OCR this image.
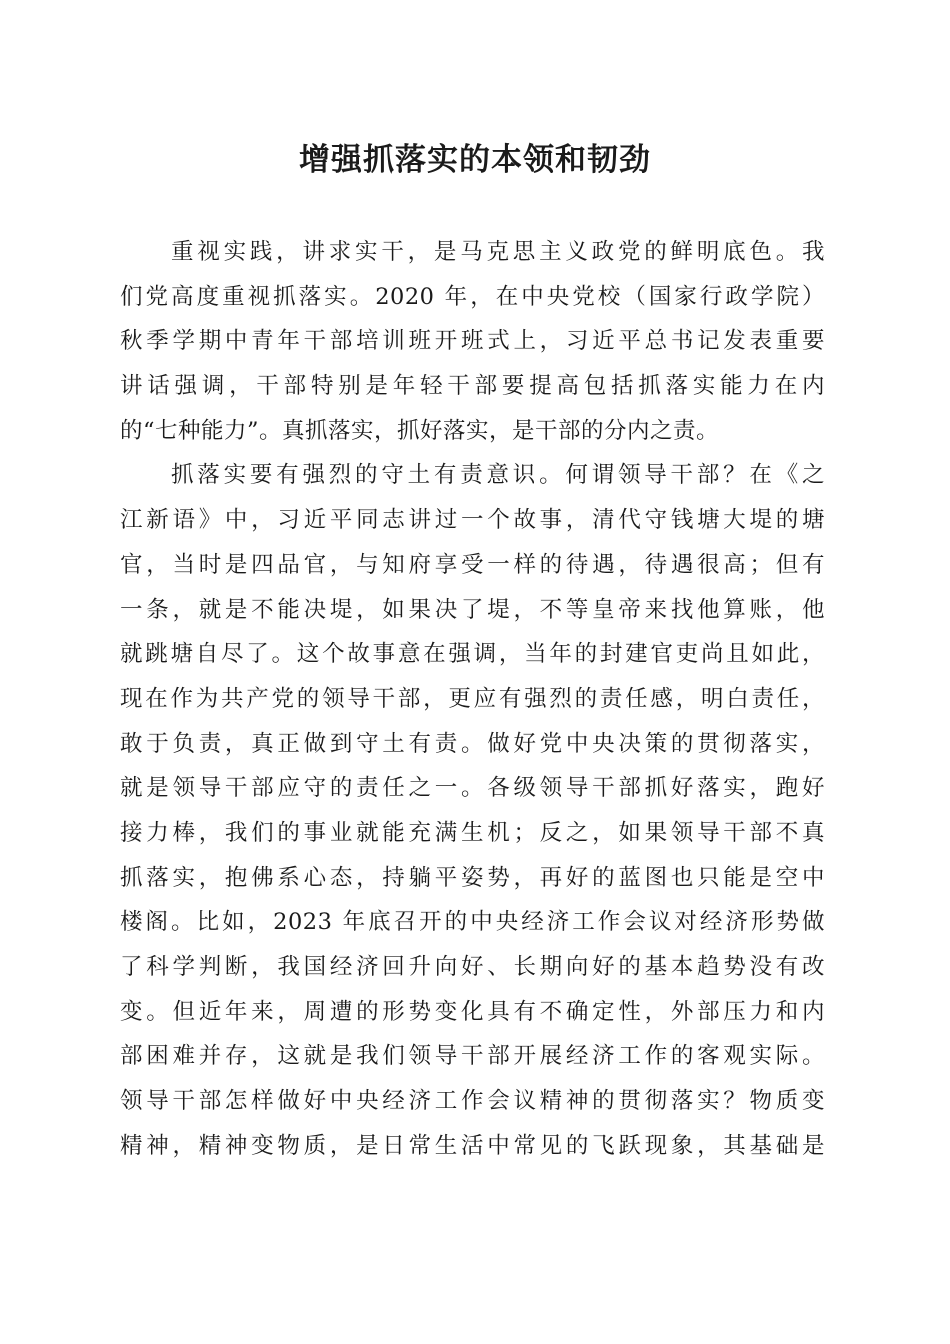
增强抓落实的本领和韧劲
重视实践，讲求实干，是马克思主义政党的鲜明底色。我
们党高度重视抓落实。2020 年，在中央党校（国家行政学院）
秋季学期中青年干部培训班开班式上，习近平总书记发表重要
讲话强调，干部特别是年轻干部要提高包括抓落实能力在内
的“七种能力”。真抓落实，抓好落实，是干部的分内之责。
抓落实要有强烈的守土有责意识。何谓领导干部？在《之
江新语》中，习近平同志讲过一个故事，清代守钱塘大堤的塘
官，当时是四品官，与知府享受一样的待遇，待遇很高；但有
一条，就是不能决堤，如果决了堤，不等皇帝来找他算账，他
就跳塘自尽了。这个故事意在强调，当年的封建官吏尚且如此，
现在作为共产党的领导干部，更应有强烈的责任感，明白责任，
敢于负责，真正做到守土有责。做好党中央决策的贯彻落实，
就是领导干部应守的责任之一。各级领导干部抓好落实，跑好
接力棒，我们的事业就能充满生机；反之，如果领导干部不真
抓落实，抱佛系心态，持躺平姿势，再好的蓝图也只能是空中
楼阁。比如，2023 年底召开的中央经济工作会议对经济形势做
了科学判断，我国经济回升向好、长期向好的基本趋势没有改
变。但近年来，周遭的形势变化具有不确定性，外部压力和内
部困难并存，这就是我们领导干部开展经济工作的客观实际。
领导干部怎样做好中央经济工作会议精神的贯彻落实？物质变
精神，精神变物质，是日常生活中常见的飞跃现象，其基础是
